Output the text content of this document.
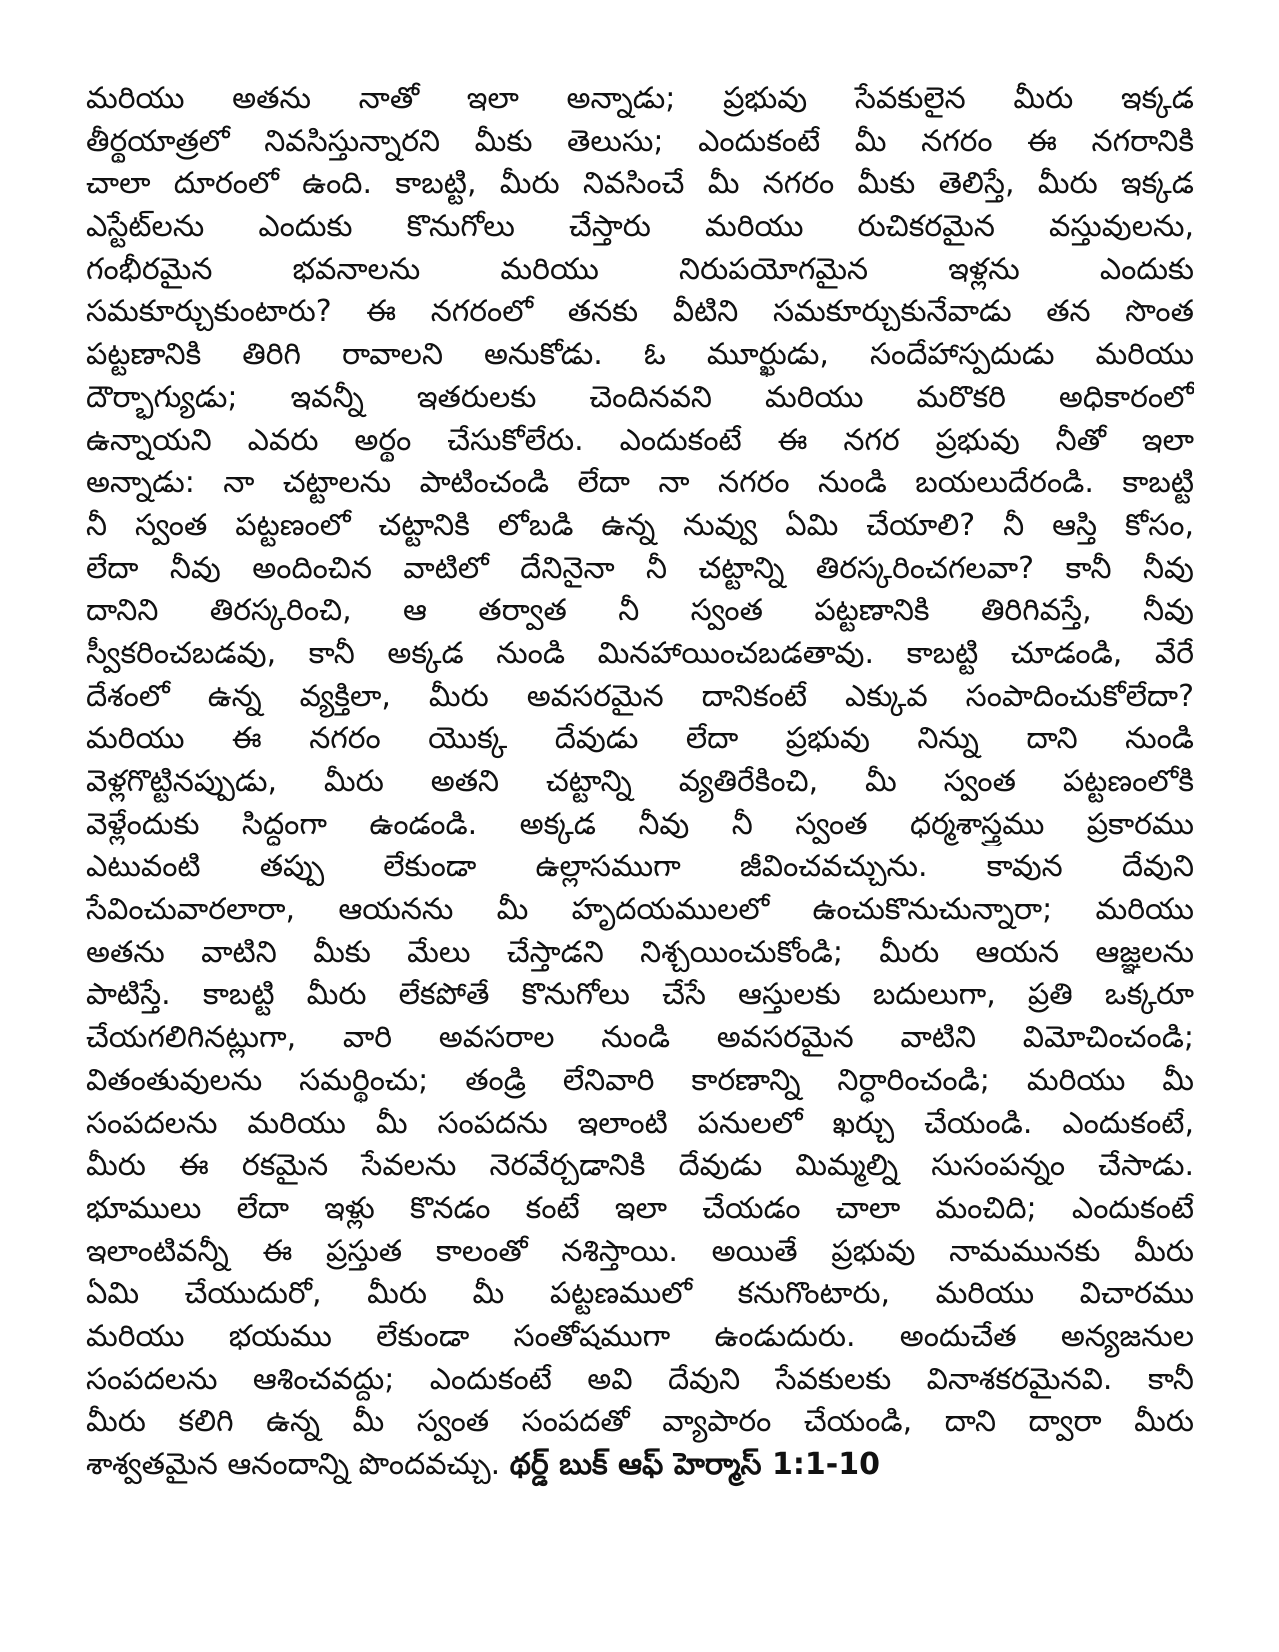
మరియు అతను నాతో ఇలా అన్నాడు; ప్రభువు సేవకులైన మీరు ఇక్కడ
తీర్థయాత్రలో నివసిస్తున్నారని మీకు తెలుసు; ఎందుకంటే మీ నగరం ఈ నగరానికి
చాలా దూరంలో ఉంది. కాబట్టి, మీరు నివసించే మీ నగరం మీకు తెలిస్తే, మీరు ఇక్కడ
ఎస్టేట్‌లను ఎందుకు కొనుగోలు చేస్తారు మరియు రుచికరమైన వస్తువులను,
గంభీరమైన భవనాలను మరియు నిరుపయోగమైన ఇళ్లను ఎందుకు
సమకూర్చుకుంటారు? ఈ నగరంలో తనకు వీటిని సమకూర్చుకునేవాడు తన సొంత
పట్టణానికి తిరిగి రావాలని అనుకోడు. ఓ మూర్ఖుడు, సందేహాస్పదుడు మరియు
దౌర్భాగ్యుడు; ఇవన్నీ ఇతరులకు చెందినవని మరియు మరొకరి అధికారంలో
ఉన్నాయని ఎవరు అర్థం చేసుకోలేరు. ఎందుకంటే ఈ నగర ప్రభువు నీతో ఇలా
అన్నాడు: నా చట్టాలను పాటించండి లేదా నా నగరం నుండి బయలుదేరండి. కాబట్టి
నీ స్వంత పట్టణంలో చట్టానికి లోబడి ఉన్న నువ్వు ఏమి చేయాలి? నీ ఆస్తి కోసం,
లేదా నీవు అందించిన వాటిలో దేనినైనా నీ చట్టాన్ని తిరస్కరించగలవా? కానీ నీవు
దానిని తిరస్కరించి, ఆ తర్వాత నీ స్వంత పట్టణానికి తిరిగివస్తే, నీవు
స్వీకరించబడవు, కానీ అక్కడ నుండి మినహాయించబడతావు. కాబట్టి చూడండి, వేరే
దేశంలో ఉన్న వ్యక్తిలా, మీరు అవసరమైన దానికంటే ఎక్కువ సంపాదించుకోలేదా?
మరియు ఈ నగరం యొక్క దేవుడు లేదా ప్రభువు నిన్ను దాని నుండి
వెళ్లగొట్టినప్పుడు, మీరు అతని చట్టాన్ని వ్యతిరేకించి, మీ స్వంత పట్టణంలోకి
వెళ్లేందుకు సిద్ధంగా ఉండండి. అక్కడ నీవు నీ స్వంత ధర్మశాస్త్రము ప్రకారము
ఎటువంటి తప్పు లేకుండా ఉల్లాసముగా జీవించవచ్చును. కావున దేవుని
సేవించువారలారా, ఆయనను మీ హృదయములలో ఉంచుకొనుచున్నారా; మరియు
అతను వాటిని మీకు మేలు చేస్తాడని నిశ్చయించుకోండి; మీరు ఆయన ఆజ్ఞలను
పాటిస్తే. కాబట్టి మీరు లేకపోతే కొనుగోలు చేసే ఆస్తులకు బదులుగా, ప్రతి ఒక్కరూ
చేయగలిగినట్లుగా, వారి అవసరాల నుండి అవసరమైన వాటిని విమోచించండి;
వితంతువులను సమర్థించు; తండ్రి లేనివారి కారణాన్ని నిర్ధారించండి; మరియు మీ
సంపదలను మరియు మీ సంపదను ఇలాంటి పనులలో ఖర్చు చేయండి. ఎందుకంటే,
మీరు ఈ రకమైన సేవలను నెరవేర్చడానికి దేవుడు మిమ్మల్ని సుసంపన్నం చేసాడు.
భూములు లేదా ఇళ్లు కొనడం కంటే ఇలా చేయడం చాలా మంచిది; ఎందుకంటే
ఇలాంటివన్నీ ఈ ప్రస్తుత కాలంతో నశిస్తాయి. అయితే ప్రభువు నామమునకు మీరు
ఏమి చేయుదురో, మీరు మీ పట్టణములో కనుగొంటారు, మరియు విచారము
మరియు భయము లేకుండా సంతోషముగా ఉండుదురు. అందుచేత అన్యజనుల
సంపదలను ఆశించవద్దు; ఎందుకంటే అవి దేవుని సేవకులకు వినాశకరమైనవి. కానీ
మీరు కలిగి ఉన్న మీ స్వంత సంపదతో వ్యాపారం చేయండి, దాని ద్వారా మీరు
శాశ్వతమైన ఆనందాన్ని పొందవచ్చు. థర్డ్ బుక్ ఆఫ్ హెర్మాస్ 1:1-10
